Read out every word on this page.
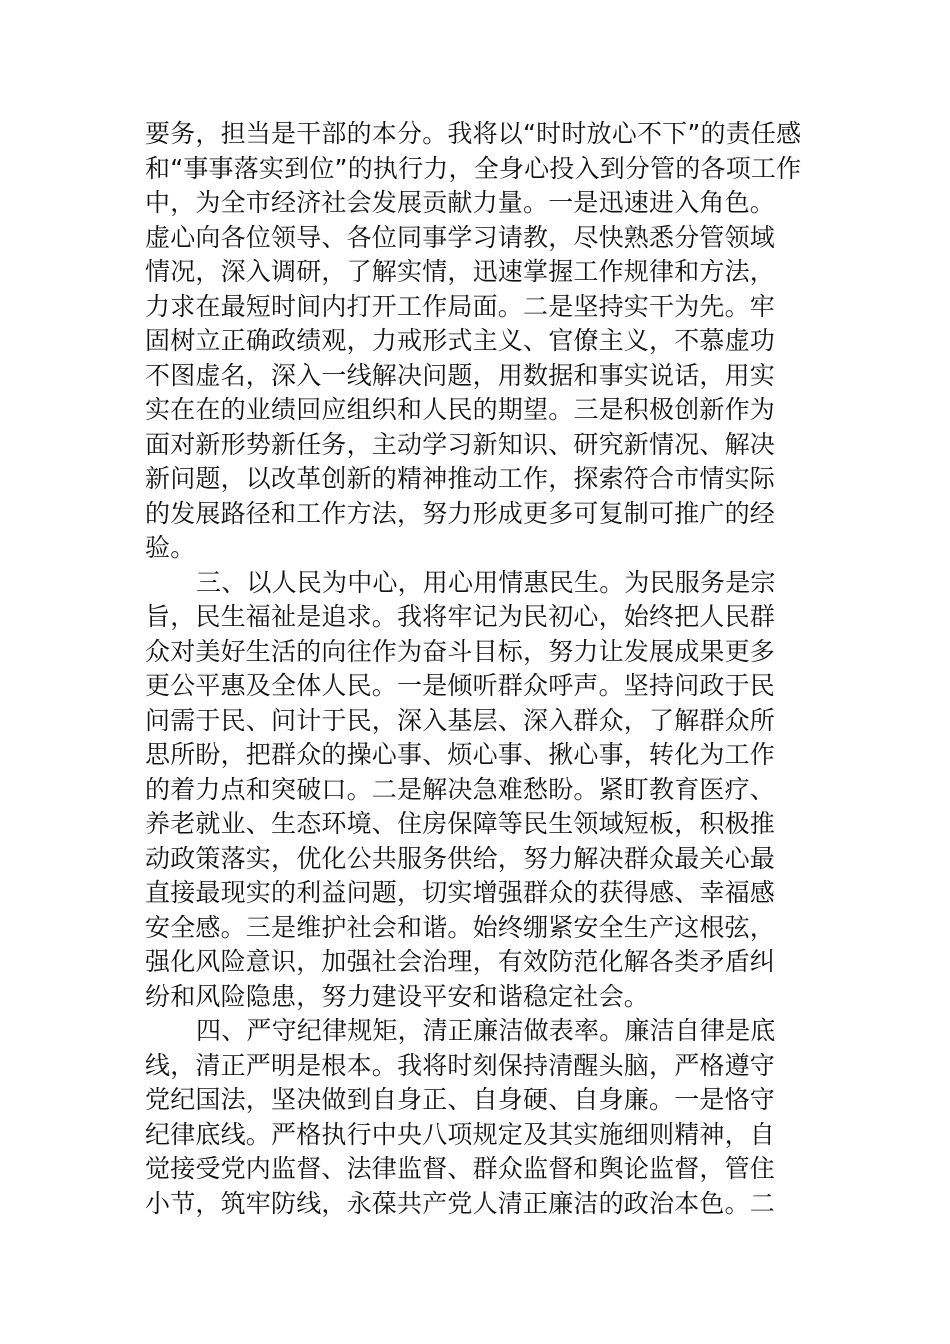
要务，担当是干部的本分。我将以“时时放心不下”的责任感
和“事事落实到位”的执行力，全身心投入到分管的各项工作
中，为全市经济社会发展贡献力量。一是迅速进入角色。
虚心向各位领导、各位同事学习请教，尽快熟悉分管领域
情况，深入调研，了解实情，迅速掌握工作规律和方法，
力求在最短时间内打开工作局面。二是坚持实干为先。牢
固树立正确政绩观，力戒形式主义、官僚主义，不慕虚功
不图虚名，深入一线解决问题，用数据和事实说话，用实
实在在的业绩回应组织和人民的期望。三是积极创新作为
面对新形势新任务，主动学习新知识、研究新情况、解决
新问题，以改革创新的精神推动工作，探索符合市情实际
的发展路径和工作方法，努力形成更多可复制可推广的经
验。
三、以人民为中心，用心用情惠民生。为民服务是宗
旨，民生福祉是追求。我将牢记为民初心，始终把人民群
众对美好生活的向往作为奋斗目标，努力让发展成果更多
更公平惠及全体人民。一是倾听群众呼声。坚持问政于民
问需于民、问计于民，深入基层、深入群众，了解群众所
思所盼，把群众的操心事、烦心事、揪心事，转化为工作
的着力点和突破口。二是解决急难愁盼。紧盯教育医疗、
养老就业、生态环境、住房保障等民生领域短板，积极推
动政策落实，优化公共服务供给，努力解决群众最关心最
直接最现实的利益问题，切实增强群众的获得感、幸福感
安全感。三是维护社会和谐。始终绷紧安全生产这根弦，
强化风险意识，加强社会治理，有效防范化解各类矛盾纠
纷和风险隐患，努力建设平安和谐稳定社会。
四、严守纪律规矩，清正廉洁做表率。廉洁自律是底
线，清正严明是根本。我将时刻保持清醒头脑，严格遵守
党纪国法，坚决做到自身正、自身硬、自身廉。一是恪守
纪律底线。严格执行中央八项规定及其实施细则精神，自
觉接受党内监督、法律监督、群众监督和舆论监督，管住
小节，筑牢防线，永葆共产党人清正廉洁的政治本色。二
